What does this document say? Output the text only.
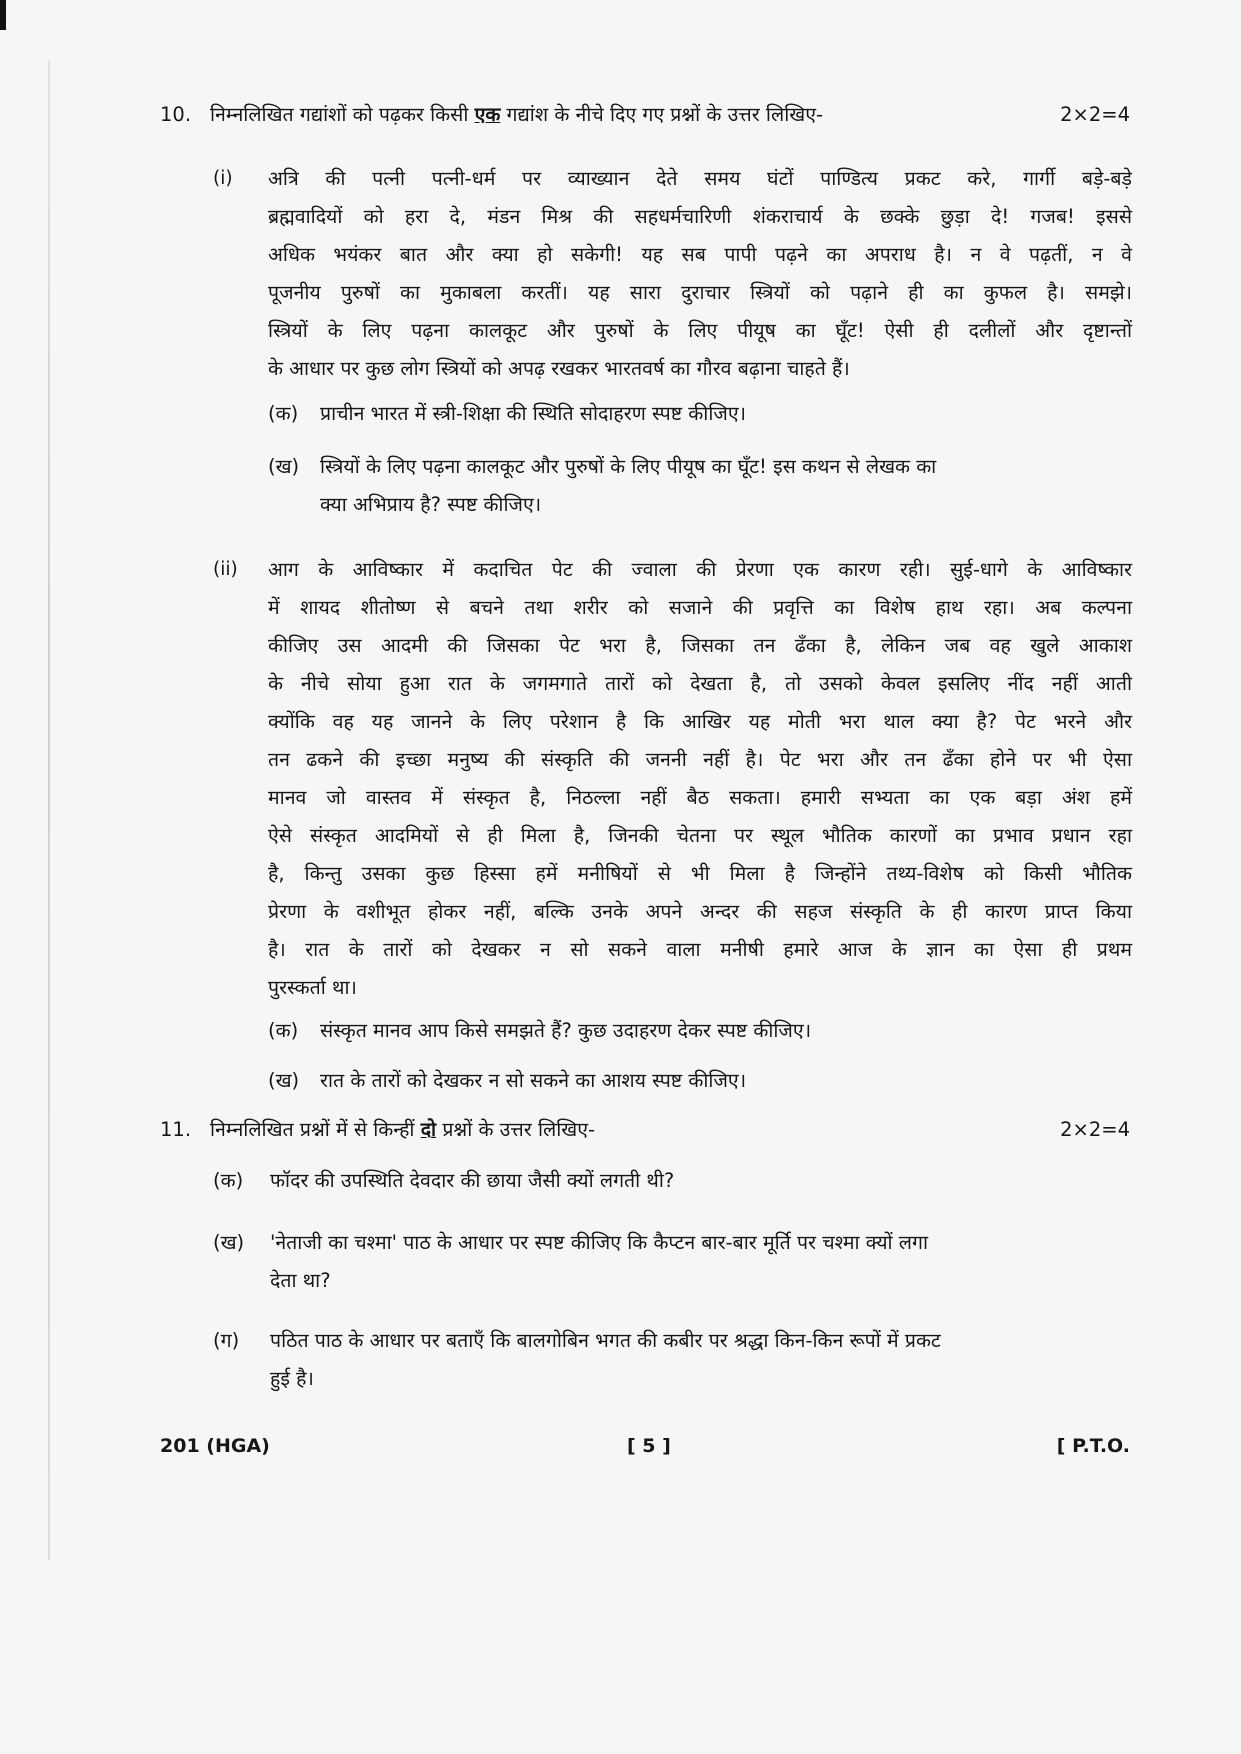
10. निम्नलिखित गद्यांशों को पढ़कर किसी एक गद्यांश के नीचे दिए गए प्रश्नों के उत्तर लिखिए-	2×2=4
(i) अत्रि की पत्नी पत्नी-धर्म पर व्याख्यान देते समय घंटों पाण्डित्य प्रकट करे, गार्गी बड़े-बड़े

ब्रह्मवादियों को हरा दे, मंडन मिश्र की सहधर्मचारिणी शंकराचार्य के छक्के छुड़ा दे! गजब! इससे

अधिक भयंकर बात और क्या हो सकेगी! यह सब पापी पढ़ने का अपराध है। न वे पढ़तीं, न वे

पूजनीय पुरुषों का मुकाबला करतीं। यह सारा दुराचार स्त्रियों को पढ़ाने ही का कुफल है। समझे।

स्त्रियों के लिए पढ़ना कालकूट और पुरुषों के लिए पीयूष का घूँट! ऐसी ही दलीलों और दृष्टान्तों

के आधार पर कुछ लोग स्त्रियों को अपढ़ रखकर भारतवर्ष का गौरव बढ़ाना चाहते हैं।

(क)	प्राचीन भारत में स्त्री-शिक्षा की स्थिति सोदाहरण स्पष्ट कीजिए।
(ख)	स्त्रियों के लिए पढ़ना कालकूट और पुरुषों के लिए पीयूष का घूँट! इस कथन से लेखक का
क्या अभिप्राय है? स्पष्ट कीजिए।
(ii) आग के आविष्कार में कदाचित पेट की ज्वाला की प्रेरणा एक कारण रही। सुई-धागे के आविष्कार

में शायद शीतोष्ण से बचने तथा शरीर को सजाने की प्रवृत्ति का विशेष हाथ रहा। अब कल्पना

कीजिए उस आदमी की जिसका पेट भरा है, जिसका तन ढँका है, लेकिन जब वह खुले आकाश

के नीचे सोया हुआ रात के जगमगाते तारों को देखता है, तो उसको केवल इसलिए नींद नहीं आती

क्योंकि वह यह जानने के लिए परेशान है कि आखिर यह मोती भरा थाल क्या है? पेट भरने और

तन ढकने की इच्छा मनुष्य की संस्कृति की जननी नहीं है। पेट भरा और तन ढँका होने पर भी ऐसा

मानव जो वास्तव में संस्कृत है, निठल्ला नहीं बैठ सकता। हमारी सभ्यता का एक बड़ा अंश हमें

ऐसे संस्कृत आदमियों से ही मिला है, जिनकी चेतना पर स्थूल भौतिक कारणों का प्रभाव प्रधान रहा

है, किन्तु उसका कुछ हिस्सा हमें मनीषियों से भी मिला है जिन्होंने तथ्य-विशेष को किसी भौतिक

प्रेरणा के वशीभूत होकर नहीं, बल्कि उनके अपने अन्दर की सहज संस्कृति के ही कारण प्राप्त किया

है। रात के तारों को देखकर न सो सकने वाला मनीषी हमारे आज के ज्ञान का ऐसा ही प्रथम

पुरस्कर्ता था।

(क)	संस्कृत मानव आप किसे समझते हैं? कुछ उदाहरण देकर स्पष्ट कीजिए।
(ख)	रात के तारों को देखकर न सो सकने का आशय स्पष्ट कीजिए।
11. निम्नलिखित प्रश्नों में से किन्हीं दो प्रश्नों के उत्तर लिखिए-	2×2=4
(क) फॉदर की उपस्थिति देवदार की छाया जैसी क्यों लगती थी?
(ख) 'नेताजी का चश्मा' पाठ के आधार पर स्पष्ट कीजिए कि कैप्टन बार-बार मूर्ति पर चश्मा क्यों लगा
देता था?
(ग) पठित पाठ के आधार पर बताएँ कि बालगोबिन भगत की कबीर पर श्रद्धा किन-किन रूपों में प्रकट
हुई है।
201 (HGA)	[ 5 ]	[ P.T.O.
